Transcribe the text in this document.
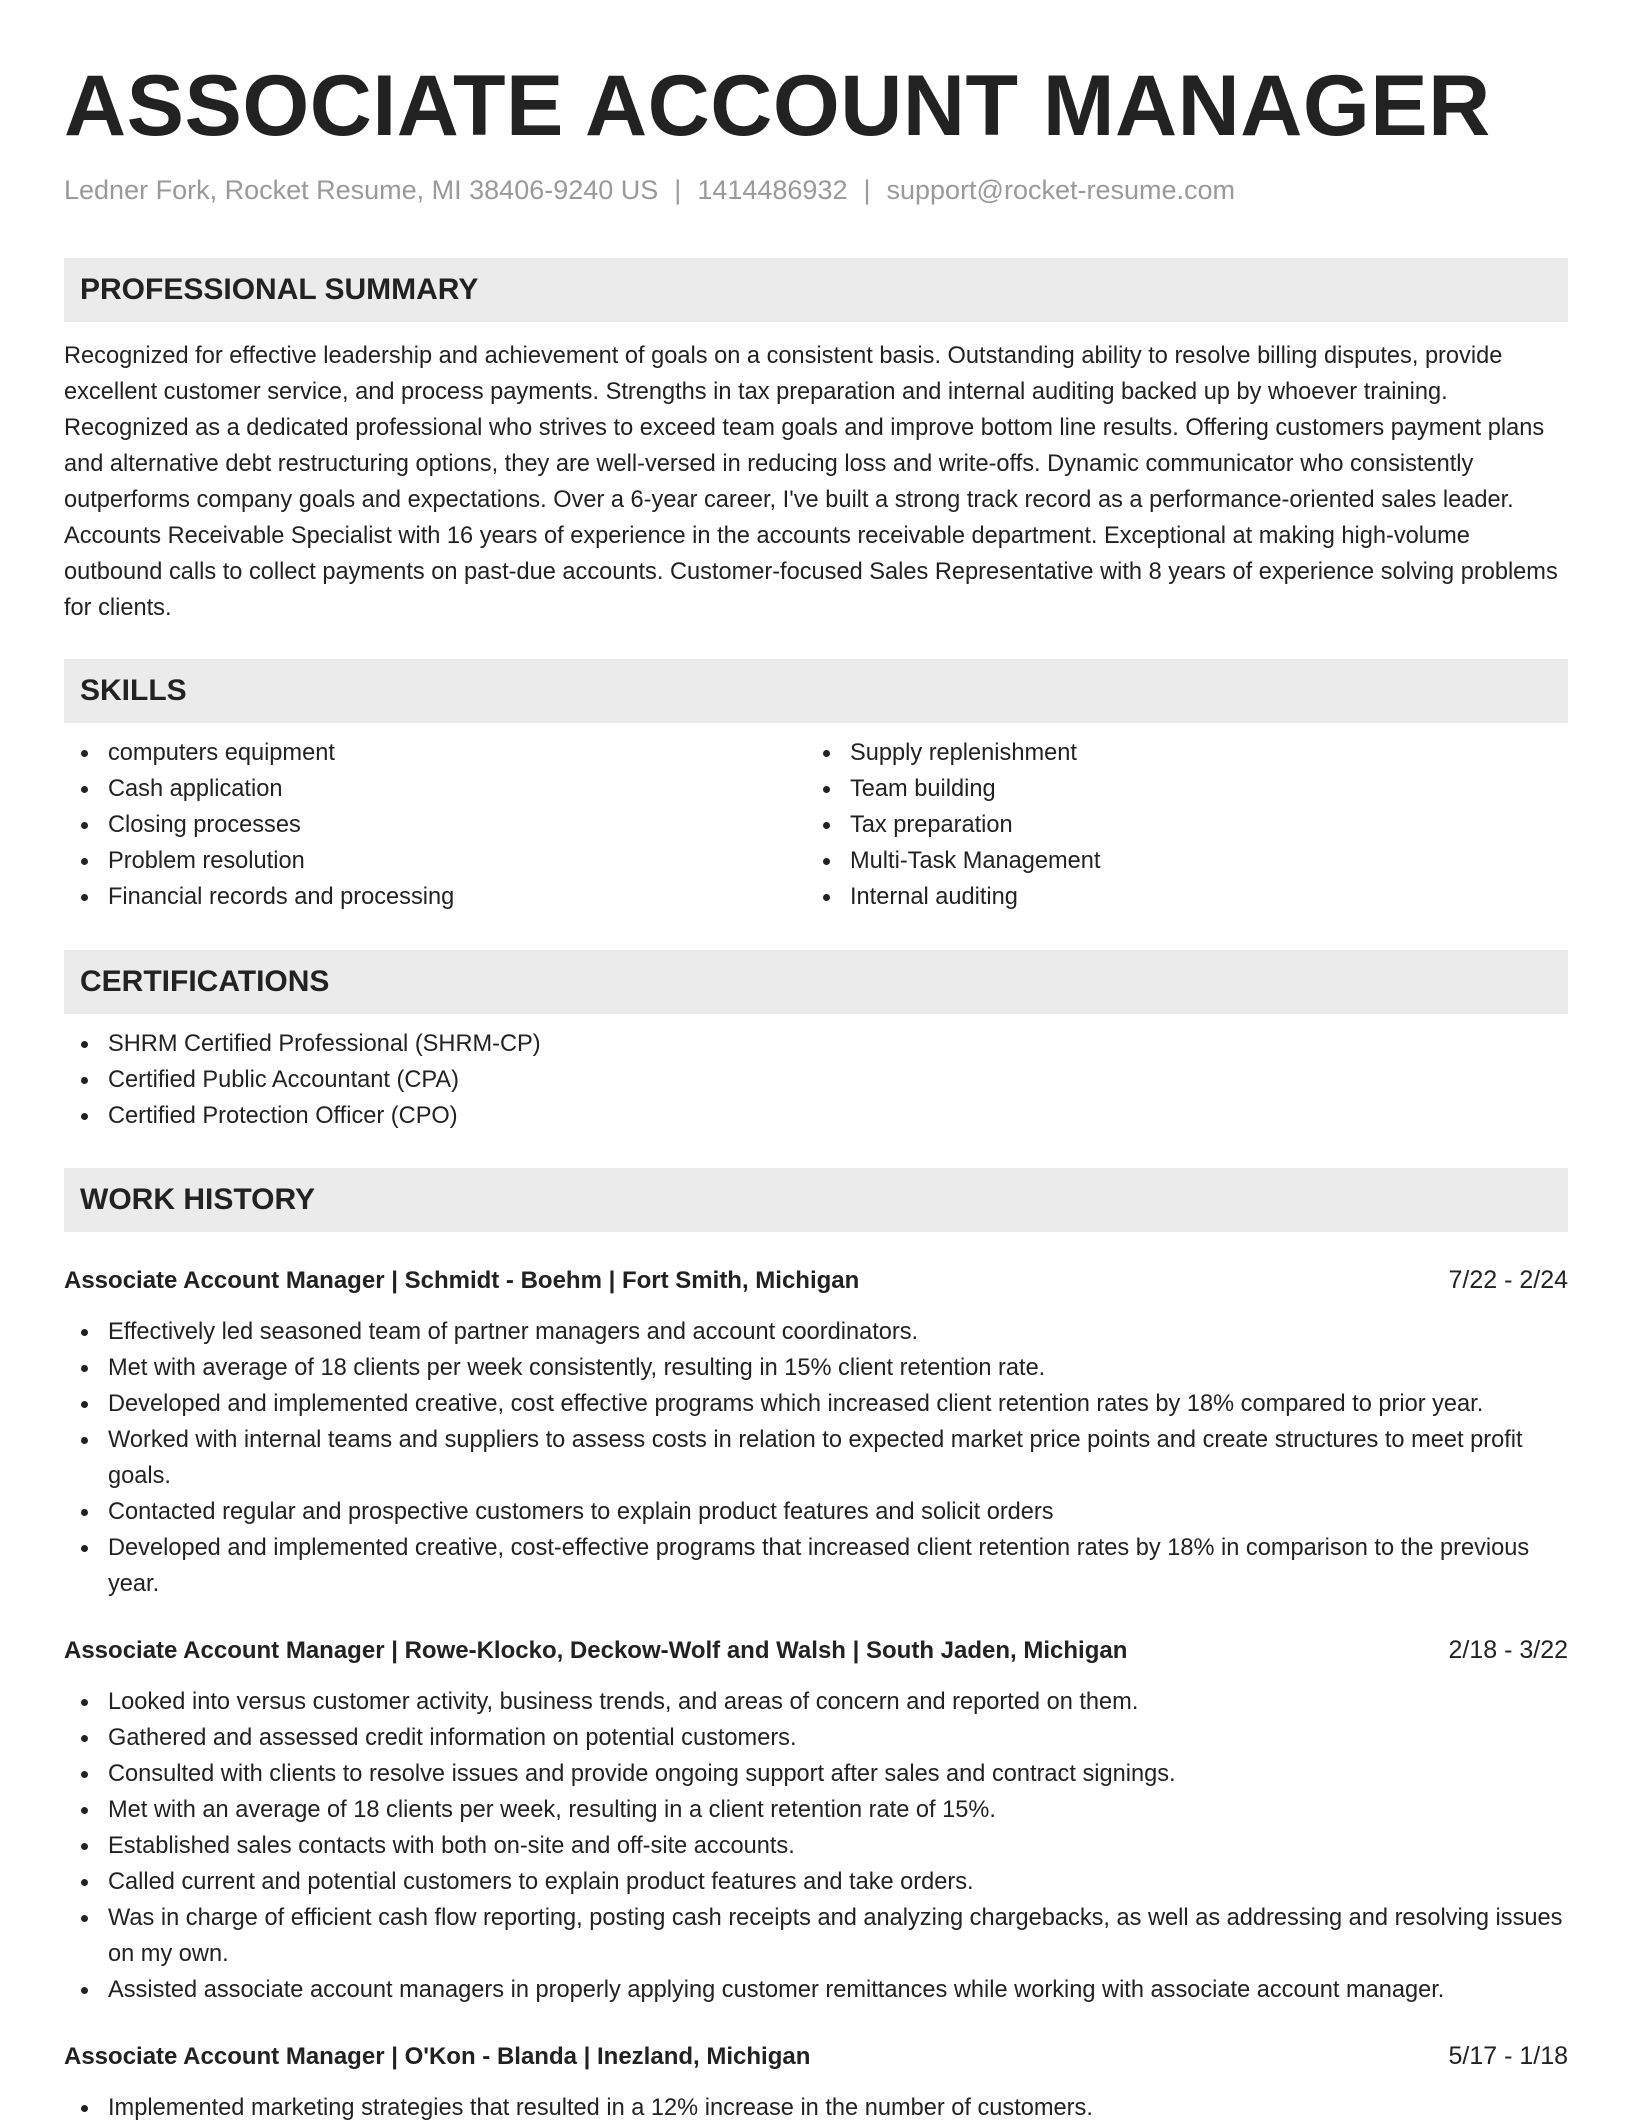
ASSOCIATE ACCOUNT MANAGER
Ledner Fork, Rocket Resume, MI 38406-9240 US | 1414486932 | support@rocket-resume.com
PROFESSIONAL SUMMARY

Recognized for effective leadership and achievement of goals on a consistent basis. Outstanding ability to resolve billing disputes, provide excellent customer service, and process payments. Strengths in tax preparation and internal auditing backed up by whoever training. Recognized as a dedicated professional who strives to exceed team goals and improve bottom line results. Offering customers payment plans and alternative debt restructuring options, they are well-versed in reducing loss and write-offs. Dynamic communicator who consistently outperforms company goals and expectations. Over a 6-year career, I've built a strong track record as a performance-oriented sales leader. Accounts Receivable Specialist with 16 years of experience in the accounts receivable department. Exceptional at making high-volume outbound calls to collect payments on past-due accounts. Customer-focused Sales Representative with 8 years of experience solving problems for clients.

SKILLS
computers equipment
Cash application
Closing processes
Problem resolution
Financial records and processing
Supply replenishment
Team building
Tax preparation
Multi-Task Management
Internal auditing
CERTIFICATIONS
SHRM Certified Professional (SHRM-CP)
Certified Public Accountant (CPA)
Certified Protection Officer (CPO)
WORK HISTORY
Associate Account Manager | Schmidt - Boehm | Fort Smith, Michigan	7/22 - 2/24
Effectively led seasoned team of partner managers and account coordinators.
Met with average of 18 clients per week consistently, resulting in 15% client retention rate.
Developed and implemented creative, cost effective programs which increased client retention rates by 18% compared to prior year.
Worked with internal teams and suppliers to assess costs in relation to expected market price points and create structures to meet profit goals.
Contacted regular and prospective customers to explain product features and solicit orders
Developed and implemented creative, cost-effective programs that increased client retention rates by 18% in comparison to the previous year.
Associate Account Manager | Rowe-Klocko, Deckow-Wolf and Walsh | South Jaden, Michigan	2/18 - 3/22
Looked into versus customer activity, business trends, and areas of concern and reported on them.
Gathered and assessed credit information on potential customers.
Consulted with clients to resolve issues and provide ongoing support after sales and contract signings.
Met with an average of 18 clients per week, resulting in a client retention rate of 15%.
Established sales contacts with both on-site and off-site accounts.
Called current and potential customers to explain product features and take orders.
Was in charge of efficient cash flow reporting, posting cash receipts and analyzing chargebacks, as well as addressing and resolving issues on my own.
Assisted associate account managers in properly applying customer remittances while working with associate account manager.
Associate Account Manager | O'Kon - Blanda | Inezland, Michigan	5/17 - 1/18
Implemented marketing strategies that resulted in a 12% increase in the number of customers.
